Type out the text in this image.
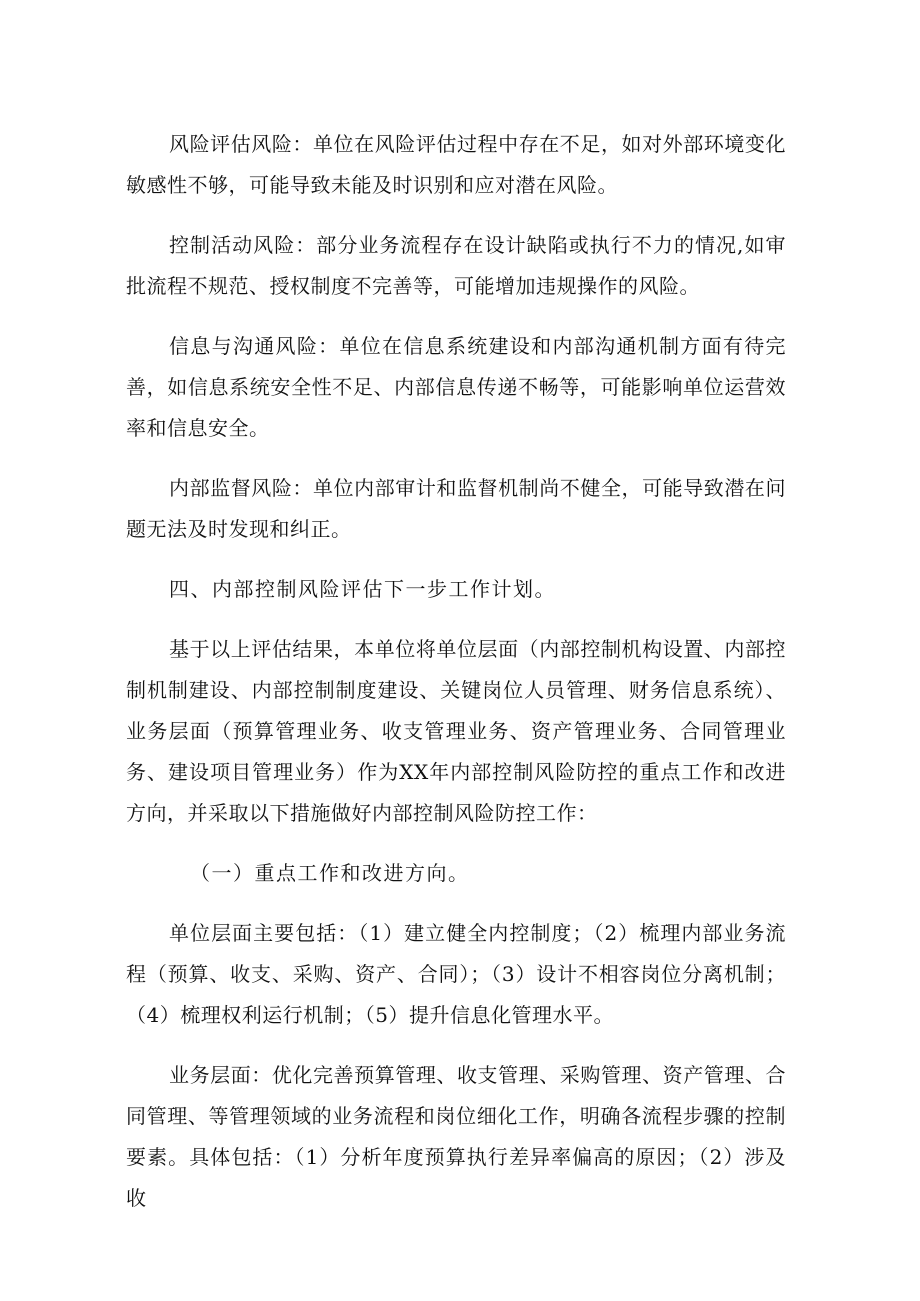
风险评估风险：单位在风险评估过程中存在不足，如对外部环境变化敏感性不够，可能导致未能及时识别和应对潜在风险。

控制活动风险：部分业务流程存在设计缺陷或执行不力的情况,如审批流程不规范、授权制度不完善等，可能增加违规操作的风险。

信息与沟通风险：单位在信息系统建设和内部沟通机制方面有待完善，如信息系统安全性不足、内部信息传递不畅等，可能影响单位运营效率和信息安全。

内部监督风险：单位内部审计和监督机制尚不健全，可能导致潜在问题无法及时发现和纠正。

四、内部控制风险评估下一步工作计划。

基于以上评估结果，本单位将单位层面（内部控制机构设置、内部控制机制建设、内部控制制度建设、关键岗位人员管理、财务信息系统）、业务层面（预算管理业务、收支管理业务、资产管理业务、合同管理业务、建设项目管理业务）作为XX年内部控制风险防控的重点工作和改进方向，并采取以下措施做好内部控制风险防控工作：

（一）重点工作和改进方向。

单位层面主要包括：（1）建立健全内控制度；（2）梳理内部业务流程（预算、收支、采购、资产、合同）；（3）设计不相容岗位分离机制；（4）梳理权利运行机制；（5）提升信息化管理水平。

业务层面：优化完善预算管理、收支管理、采购管理、资产管理、合同管理、等管理领域的业务流程和岗位细化工作，明确各流程步骤的控制要素。具体包括：（1）分析年度预算执行差异率偏高的原因；（2）涉及收
